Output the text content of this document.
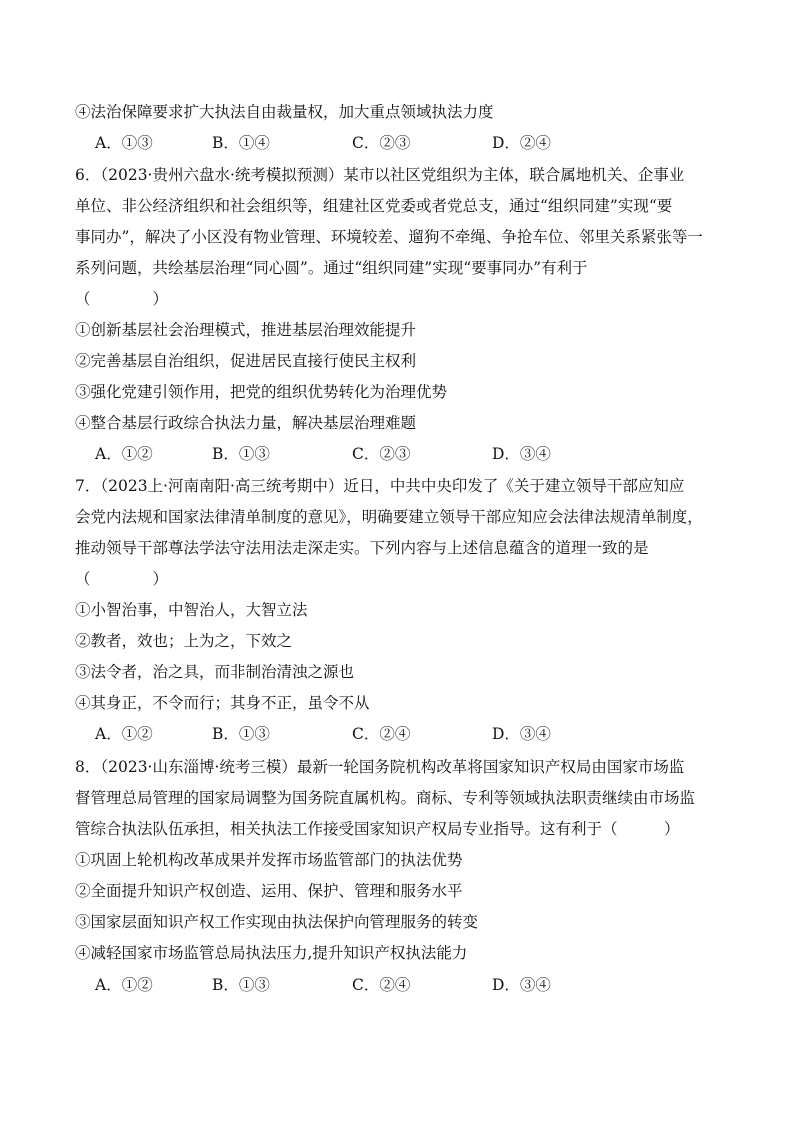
④法治保障要求扩大执法自由裁量权，加大重点领域执法力度
A．①③	B．①④	C．②③	D．②④
6．（2023·贵州六盘水·统考模拟预测）某市以社区党组织为主体，联合属地机关、企事业
单位、非公经济组织和社会组织等，组建社区党委或者党总支，通过“组织同建”实现“要
事同办”，解决了小区没有物业管理、环境较差、遛狗不牵绳、争抢车位、邻里关系紧张等一
系列问题，共绘基层治理“同心圆”。通过“组织同建”实现“要事同办”有利于
（　　　　）
①创新基层社会治理模式，推进基层治理效能提升
②完善基层自治组织，促进居民直接行使民主权利
③强化党建引领作用，把党的组织优势转化为治理优势
④整合基层行政综合执法力量，解决基层治理难题
A．①②	B．①③	C．②③	D．③④
7．（2023上·河南南阳·高三统考期中）近日，中共中央印发了《关于建立领导干部应知应
会党内法规和国家法律清单制度的意见》，明确要建立领导干部应知应会法律法规清单制度，
推动领导干部尊法学法守法用法走深走实。下列内容与上述信息蕴含的道理一致的是
（　　　　）
①小智治事，中智治人，大智立法
②教者，效也；上为之，下效之
③法令者，治之具，而非制治清浊之源也
④其身正，不令而行；其身不正，虽令不从
A．①②	B．①③	C．②④	D．③④
8．（2023·山东淄博·统考三模）最新一轮国务院机构改革将国家知识产权局由国家市场监
督管理总局管理的国家局调整为国务院直属机构。商标、专利等领域执法职责继续由市场监
管综合执法队伍承担，相关执法工作接受国家知识产权局专业指导。这有利于（　　　）
①巩固上轮机构改革成果并发挥市场监管部门的执法优势
②全面提升知识产权创造、运用、保护、管理和服务水平
③国家层面知识产权工作实现由执法保护向管理服务的转变
④减轻国家市场监管总局执法压力,提升知识产权执法能力
A．①②	B．①③	C．②④	D．③④
